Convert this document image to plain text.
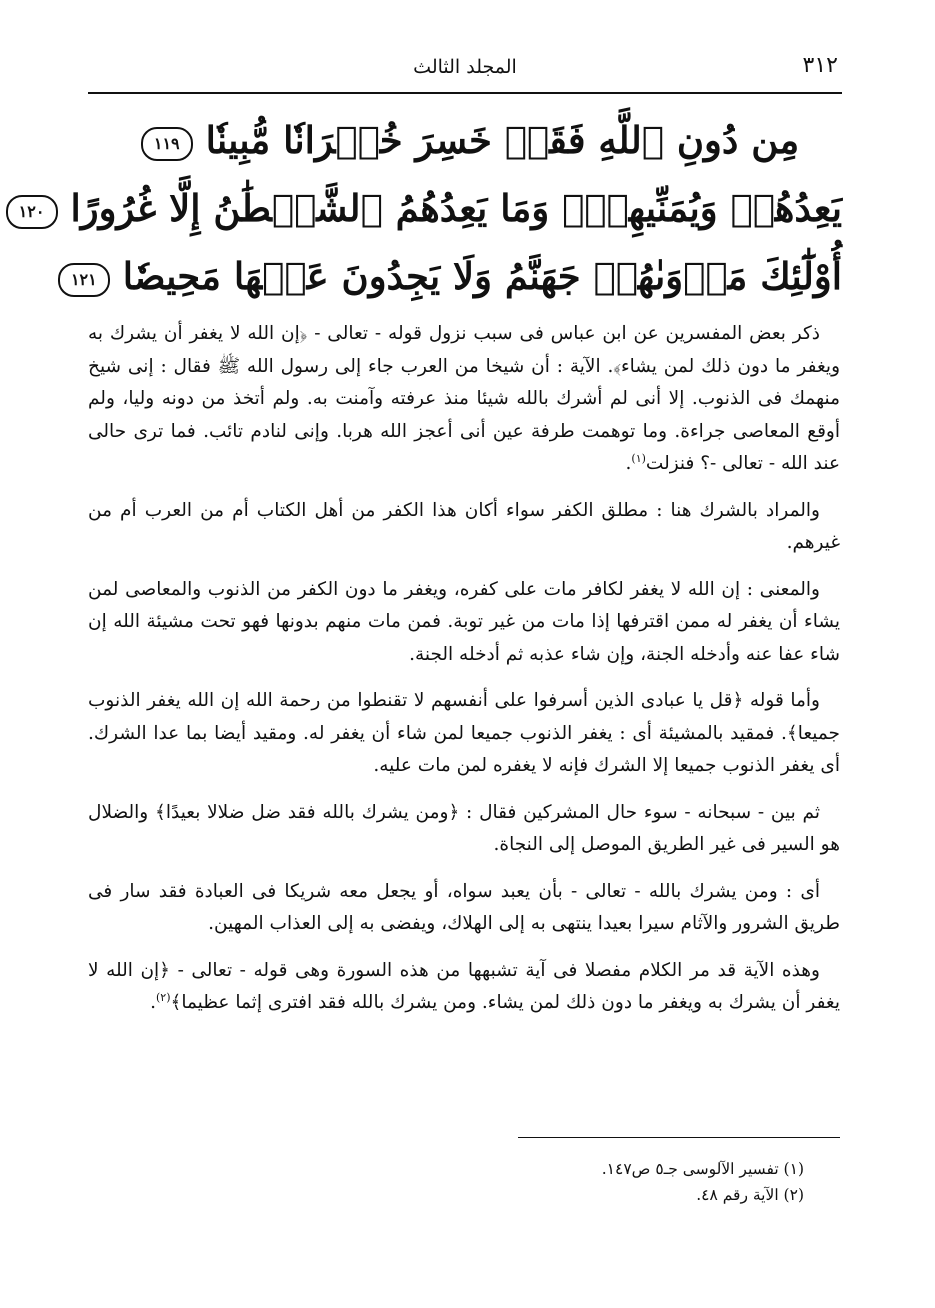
٣١٢
المجلد الثالث
مِن دُونِ ٱللَّهِ فَقَدۡ خَسِرَ خُسۡرَانٗا مُّبِينٗا ١١٩
يَعِدُهُمۡ وَيُمَنِّيهِمۡۖ وَمَا يَعِدُهُمُ ٱلشَّيۡطَٰنُ إِلَّا غُرُورًا ١٢٠
أُوْلَٰٓئِكَ مَأۡوَىٰهُمۡ جَهَنَّمُ وَلَا يَجِدُونَ عَنۡهَا مَحِيصٗا ١٢١

ذكر بعض المفسرين عن ابن عباس فى سبب نزول قوله - تعالى - ﴿إن الله لا يغفر أن يشرك به ويغفر ما دون ذلك لمن يشاء﴾. الآية : أن شيخا من العرب جاء إلى رسول الله ﷺ فقال : إنى شيخ منهمك فى الذنوب. إلا أنى لم أشرك بالله شيئا منذ عرفته وآمنت به. ولم أتخذ من دونه وليا، ولم أوقع المعاصى جراءة. وما توهمت طرفة عين أنى أعجز الله هربا. وإنى لنادم تائب. فما ترى حالى عند الله - تعالى -؟ فنزلت$^{(١)}$.

والمراد بالشرك هنا : مطلق الكفر سواء أكان هذا الكفر من أهل الكتاب أم من العرب أم من غيرهم.

والمعنى : إن الله لا يغفر لكافر مات على كفره، ويغفر ما دون الكفر من الذنوب والمعاصى لمن يشاء أن يغفر له ممن اقترفها إذا مات من غير توبة. فمن مات منهم بدونها فهو تحت مشيئة الله إن شاء عفا عنه وأدخله الجنة، وإن شاء عذبه ثم أدخله الجنة.

وأما قوله ﴿قل يا عبادى الذين أسرفوا على أنفسهم لا تقنطوا من رحمة الله إن الله يغفر الذنوب جميعا﴾. فمقيد بالمشيئة أى : يغفر الذنوب جميعا لمن شاء أن يغفر له. ومقيد أيضا بما عدا الشرك. أى يغفر الذنوب جميعا إلا الشرك فإنه لا يغفره لمن مات عليه.

ثم بين - سبحانه - سوء حال المشركين فقال : ﴿ومن يشرك بالله فقد ضل ضلالا بعيدًا﴾ والضلال هو السير فى غير الطريق الموصل إلى النجاة.

أى : ومن يشرك بالله - تعالى - بأن يعبد سواه، أو يجعل معه شريكا فى العبادة فقد سار فى طريق الشرور والآثام سيرا بعيدا ينتهى به إلى الهلاك، ويفضى به إلى العذاب المهين.

وهذه الآية قد مر الكلام مفصلا فى آية تشبهها من هذه السورة وهى قوله - تعالى - ﴿إن الله لا يغفر أن يشرك به ويغفر ما دون ذلك لمن يشاء. ومن يشرك بالله فقد افترى إثما عظيما﴾$^{(٢)}$.

(١) تفسير الآلوسى جـ٥ ص١٤٧.
(٢) الآية رقم ٤٨.
